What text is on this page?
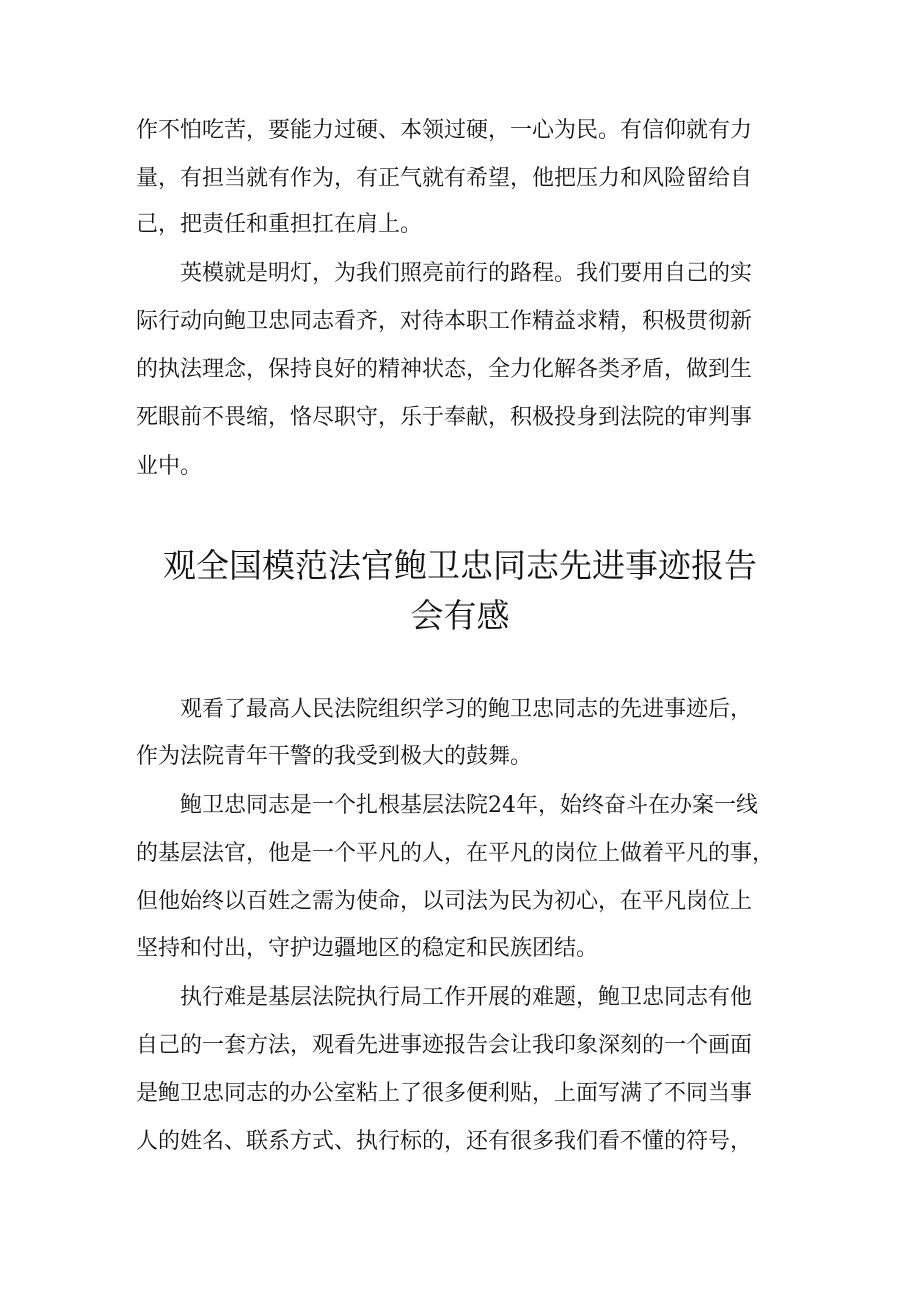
作不怕吃苦，要能力过硬、本领过硬，一心为民。有信仰就有力
量，有担当就有作为，有正气就有希望，他把压力和风险留给自
己，把责任和重担扛在肩上。
英模就是明灯，为我们照亮前行的路程。我们要用自己的实
际行动向鲍卫忠同志看齐，对待本职工作精益求精，积极贯彻新
的执法理念，保持良好的精神状态，全力化解各类矛盾，做到生
死眼前不畏缩，恪尽职守，乐于奉献，积极投身到法院的审判事
业中。
观全国模范法官鲍卫忠同志先进事迹报告
会有感
观看了最高人民法院组织学习的鲍卫忠同志的先进事迹后，
作为法院青年干警的我受到极大的鼓舞。
鲍卫忠同志是一个扎根基层法院24年，始终奋斗在办案一线
的基层法官，他是一个平凡的人，在平凡的岗位上做着平凡的事，
但他始终以百姓之需为使命，以司法为民为初心，在平凡岗位上
坚持和付出，守护边疆地区的稳定和民族团结。
执行难是基层法院执行局工作开展的难题，鲍卫忠同志有他
自己的一套方法，观看先进事迹报告会让我印象深刻的一个画面
是鲍卫忠同志的办公室粘上了很多便利贴，上面写满了不同当事
人的姓名、联系方式、执行标的，还有很多我们看不懂的符号，
